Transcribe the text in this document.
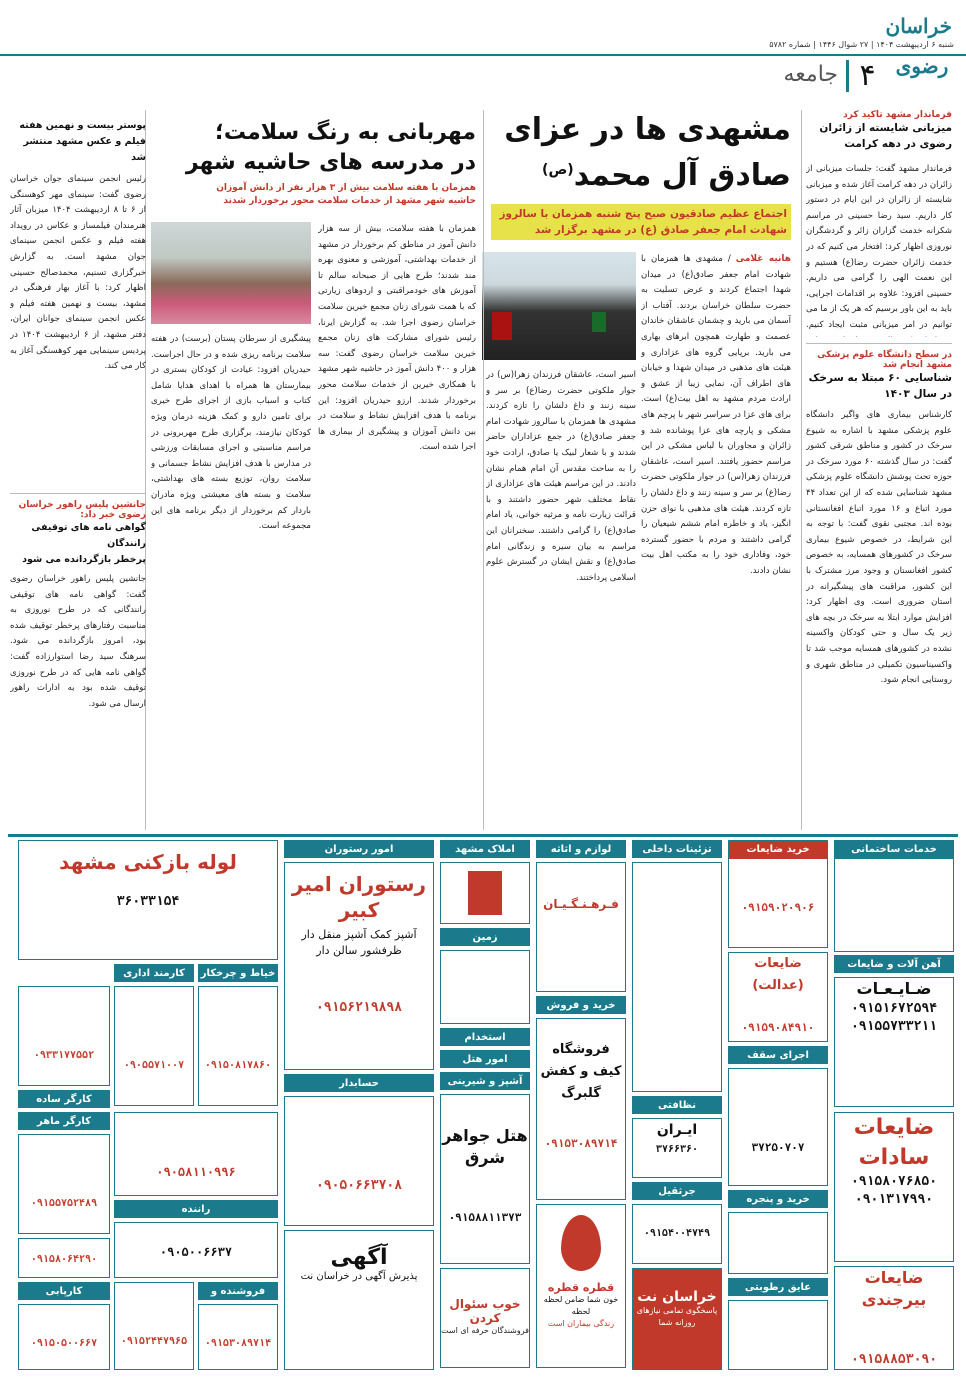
خراسان رضوی
شنبه ۶ اردیبهشت ۱۴۰۴ | ۲۷ شوال ۱۴۴۶ | شماره ۵۷۸۲
۴
جامعه
فرماندار مشهد تاکید کرد
میزبانی شایسته از زائران رضوی در دهه کرامت
فرماندار مشهد گفت: جلسات میزبانی از زائران در دهه کرامت آغاز شده و میزبانی شایسته از زائران در این ایام در دستور کار داریم. سید رضا حسینی در مراسم شکرانه خدمت گزاران زائر و گردشگران نوروزی اظهار کرد: افتخار می کنیم که در خدمت زائران حضرت رضا(ع) هستیم و این نعمت الهی را گرامی می داریم. حسینی افزود: علاوه بر اقدامات اجرایی، باید به این باور برسیم که هر یک از ما می توانیم در امر میزبانی مثبت ایجاد کنیم.
در سطح دانشگاه علوم پزشکی مشهد انجام شد
شناسایی ۶۰ مبتلا به سرخک در سال ۱۴۰۳
کارشناس بیماری های واگیر دانشگاه علوم پزشکی مشهد با اشاره به شیوع سرخک در کشور و مناطق شرقی کشور گفت: در سال گذشته ۶۰ مورد سرخک در حوزه تحت پوشش دانشگاه علوم پزشکی مشهد شناسایی شده که از این تعداد ۴۴ مورد اتباع و ۱۶ مورد اتباع افغانستانی بوده اند. مجتبی نقوی گفت: با توجه به این شرایط، در خصوص شیوع بیماری سرخک در کشورهای همسایه، به خصوص کشور افغانستان و وجود مرز مشترک با این کشور، مراقبت های پیشگیرانه در استان ضروری است. وی اظهار کرد: افزایش موارد ابتلا به سرخک در بچه های زیر یک سال و حتی کودکان واکسینه نشده در کشورهای همسایه موجب شد تا واکسیناسیون تکمیلی در مناطق شهری و روستایی انجام شود.
مشهدی ها در عزای
صادق آل محمد$^{(ص)}$
اجتماع عظیم صادقیون صبح پنج شنبه همزمان با سالروز
شهادت امام جعفر صادق (ع) در مشهد برگزار شد
هانیه غلامی / مشهدی ها همزمان با شهادت امام جعفر صادق(ع) در میدان شهدا اجتماع کردند و عرض تسلیت به حضرت سلطان خراسان بردند. آفتاب از آسمان می بارید و چشمان عاشقان خاندان عصمت و طهارت همچون ابرهای بهاری می بارید. برپایی گروه های عزاداری و هیئت های مذهبی در میدان شهدا و خیابان های اطراف آن، نمایی زیبا از عشق و ارادت مردم مشهد به اهل بیت(ع) است. برای های عزا در سراسر شهر با پرچم های مشکی و پارچه های عزا پوشانده شد و زائران و مجاوران با لباس مشکی در این مراسم حضور یافتند. اسیر است، عاشقان فرزندان زهرا(س) در جوار ملکوتی حضرت رضا(ع) بر سر و سینه زنند و داغ دلشان را تازه کردند. هیئت های مذهبی با نوای حزن انگیز، یاد و خاطره امام ششم شیعیان را گرامی داشتند و مردم با حضور گسترده خود، وفاداری خود را به مکتب اهل بیت نشان دادند.
اسیر است، عاشقان فرزندان زهرا(س) در جوار ملکوتی حضرت رضا(ع) بر سر و سینه زنند و داغ دلشان را تازه کردند. مشهدی ها همزمان با سالروز شهادت امام جعفر صادق(ع) در جمع عزاداران حاضر شدند و با شعار لبیک یا صادق، ارادت خود را به ساحت مقدس آن امام همام نشان دادند. در این مراسم هیئت های عزاداری از نقاط مختلف شهر حضور داشتند و با قرائت زیارت نامه و مرثیه خوانی، یاد امام صادق(ع) را گرامی داشتند. سخنرانان این مراسم به بیان سیره و زندگانی امام صادق(ع) و نقش ایشان در گسترش علوم اسلامی پرداختند.
مهربانی به رنگ سلامت؛
در مدرسه های حاشیه شهر
همزمان با هفته سلامت بیش از ۳ هزار نفر از دانش آموزان
حاشیه شهر مشهد از خدمات سلامت محور برخوردار شدند
همزمان با هفته سلامت، بیش از سه هزار دانش آموز در مناطق کم برخوردار در مشهد از خدمات بهداشتی، آموزشی و معنوی بهره مند شدند؛ طرح هایی از صبحانه سالم تا آموزش های خودمراقبتی و اردوهای زیارتی که با همت شورای زنان مجمع خیرین سلامت خراسان رضوی اجرا شد. به گزارش ایرنا، رئیس شورای مشارکت های زنان مجمع خیرین سلامت خراسان رضوی گفت: سه هزار و ۴۰۰ دانش آموز در حاشیه شهر مشهد با همکاری خیرین از خدمات سلامت محور برخوردار شدند. ارزو حیدریان افزود: این برنامه با هدف افزایش نشاط و سلامت در بین دانش آموزان و پیشگیری از بیماری ها اجرا شده است.
پیشگیری از سرطان پستان (برست) در هفته سلامت برنامه ریزی شده و در حال اجراست. حیدریان افزود: عیادت از کودکان بستری در بیمارستان ها همراه با اهدای هدایا شامل کتاب و اسباب بازی از اجرای طرح خیری برای تامین دارو و کمک هزینه درمان ویژه کودکان نیازمند، برگزاری طرح مهربرونی در مراسم مناسبتی و اجرای مسابقات ورزشی در مدارس با هدف افزایش نشاط جسمانی و سلامت روان، توزیع بسته های بهداشتی، سلامت و بسته های معیشتی ویژه مادران باردار کم برخوردار از دیگر برنامه های این مجموعه است.
پوستر بیست و نهمین هفته
فیلم و عکس مشهد منتشر شد
رئیس انجمن سینمای جوان خراسان رضوی گفت: سینمای مهر کوهسنگی از ۶ تا ۸ اردیبهشت ۱۴۰۴ میزبان آثار هنرمندان فیلمساز و عکاس در رویداد هفته فیلم و عکس انجمن سینمای جوان مشهد است. به گزارش خبرگزاری تسنیم، محمدصالح حسینی اظهار کرد: با آغاز بهار فرهنگی در مشهد، بیست و نهمین هفته فیلم و عکس انجمن سینمای جوانان ایران، دفتر مشهد، از ۶ اردیبهشت ۱۴۰۴ در پردیس سینمایی مهر کوهسنگی آغاز به کار می کند.
جانشین پلیس راهور خراسان رضوی خبر داد:
گواهی نامه های توقیفی رانندگان
پرخطر بازگردانده می شود
جانشین پلیس راهور خراسان رضوی گفت: گواهی نامه های توقیفی رانندگانی که در طرح نوروزی به مناسبت رفتارهای پرخطر توقیف شده بود، امروز بازگردانده می شود. سرهنگ سید رضا استوارزاده گفت: گواهی نامه هایی که در طرح نوروزی توقیف شده بود به ادارات راهور ارسال می شود.
خدمات ساختمانی
آهن آلات و ضایعات
ضـایـعـات
۰۹۱۵۱۶۷۲۵۹۴
۰۹۱۵۵۷۳۳۲۱۱
ضایعات سادات
۰۹۱۵۸۰۷۶۸۵۰
۰۹۰۱۳۱۷۹۹۰
ضایعات بیرجندی
۰۹۱۵۸۸۵۳۰۹۰
خرید ضایعات
۰۹۱۵۹۰۲۰۹۰۶
ضایعات (عدالت)
۰۹۱۵۹۰۸۴۹۱۰
اجرای سقف
۳۷۲۵۰۷۰۷
خرید و پنجره
عایق رطوبتی
تزئینات داخلی
نظافتی
ایـران
۳۷۶۶۳۶۰
جرثقیل
۰۹۱۵۴۰۰۴۷۴۹
خراسان نت
پاسخگوی تمامی نیازهای روزانه شما
لوازم و اثاثه
فـرهـنـگـیـان
خرید و فروش
فروشگاه کیف و کفش گلبرگ
۰۹۱۵۳۰۸۹۷۱۴
قطره قطره
خون شما ضامن لحظه لحظه
زندگی بیماران است
املاک مشهد
زمین
استخدام
امور هتل
آشپز و شیرینی
هتل جواهر شرق
۰۹۱۵۸۸۱۱۳۷۳
خوب سئوال کردن
فروشندگان حرفه ای است
امور رستوران
رستوران امیر کبیر
آشپز کمک آشپز منقل دار ظرفشور سالن دار
۰۹۱۵۶۲۱۹۸۹۸
حسابدار
۰۹۰۵۰۶۶۳۷۰۸
آگهی
پذیرش آگهی در خراسان نت
لوله بازکنی مشهد
۳۶۰۳۳۱۵۴
خیاط و چرخکار
کارمند اداری
۰۹۱۵۰۸۱۷۸۶۰
۰۹۰۵۵۷۱۰۰۷
۰۹۳۳۱۷۷۵۵۲
کارگر ساده
۰۹۰۵۸۱۱۰۹۹۶
کارگر ماهر
۰۹۱۵۵۷۵۲۴۸۹
راننده
۰۹۰۵۰۰۶۶۳۷
۰۹۱۵۸۰۶۴۲۹۰
فروشنده و
۰۹۱۵۳۰۸۹۷۱۴
۰۹۱۵۲۴۴۷۹۶۵
کارپابی
۰۹۱۵۰۵۰۰۶۶۷
